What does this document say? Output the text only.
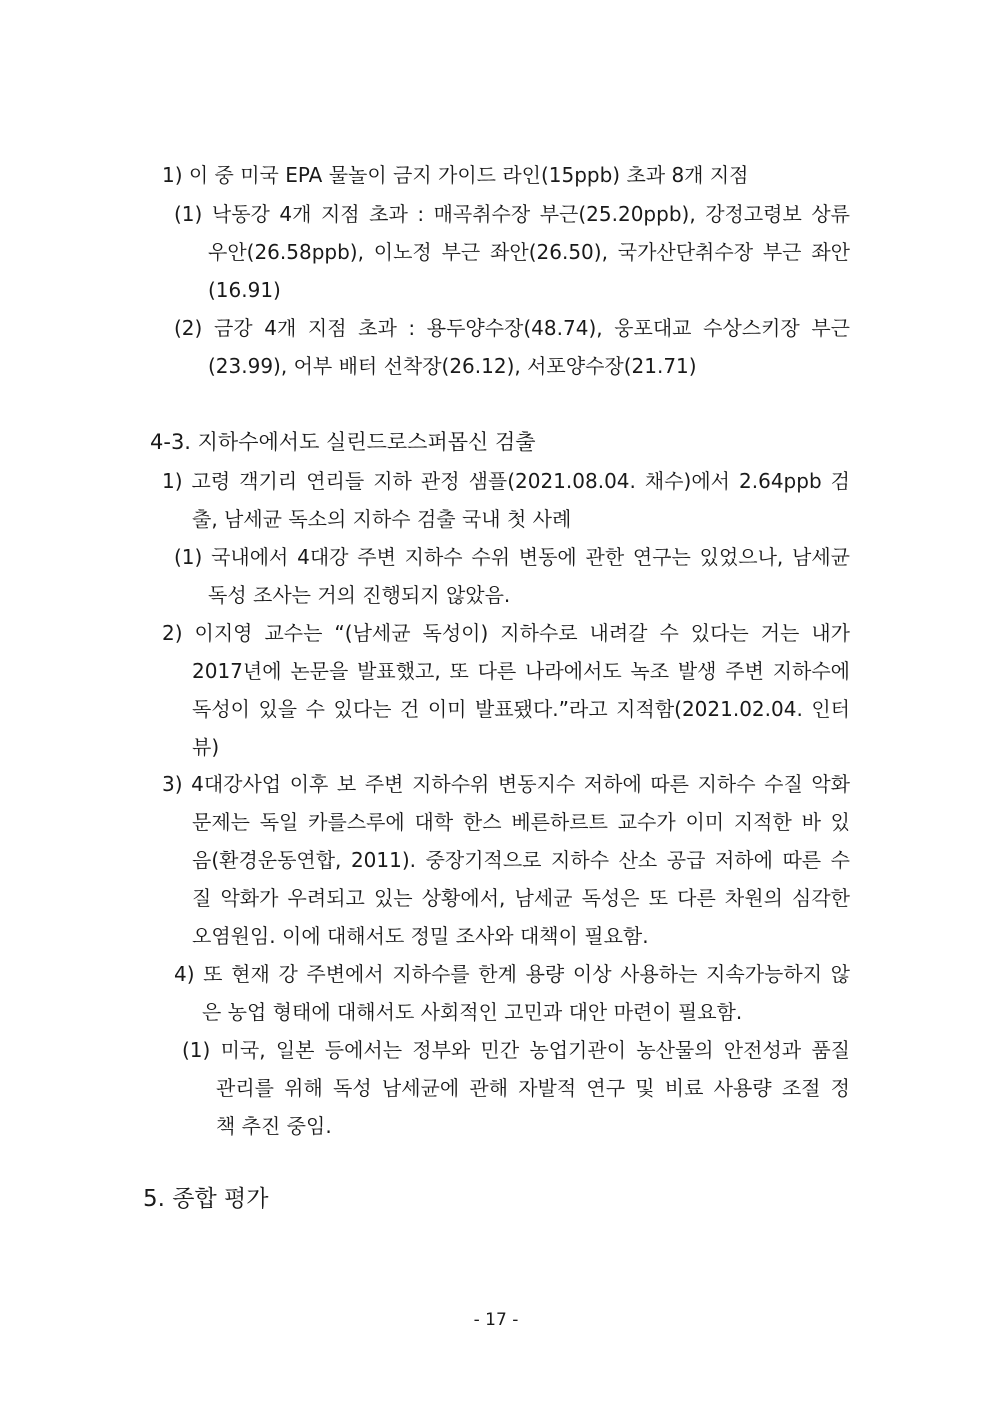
1) 이 중 미국 EPA 물놀이 금지 가이드 라인(15ppb) 초과 8개 지점
(1) 낙동강 4개 지점 초과 : 매곡취수장 부근(25.20ppb), 강정고령보 상류
우안(26.58ppb), 이노정 부근 좌안(26.50), 국가산단취수장 부근 좌안
(16.91)
(2) 금강 4개 지점 초과 : 용두양수장(48.74), 웅포대교 수상스키장 부근
(23.99), 어부 배터 선착장(26.12), 서포양수장(21.71)
4-3. 지하수에서도 실린드로스퍼몹신 검출
1) 고령 객기리 연리들 지하 관정 샘플(2021.08.04. 채수)에서 2.64ppb 검
출, 남세균 독소의 지하수 검출 국내 첫 사례
(1) 국내에서 4대강 주변 지하수 수위 변동에 관한 연구는 있었으나, 남세균
독성 조사는 거의 진행되지 않았음.
2) 이지영 교수는 “(남세균 독성이) 지하수로 내려갈 수 있다는 거는 내가
2017년에 논문을 발표했고, 또 다른 나라에서도 녹조 발생 주변 지하수에
독성이 있을 수 있다는 건 이미 발표됐다.”라고 지적함(2021.02.04. 인터
뷰)
3) 4대강사업 이후 보 주변 지하수위 변동지수 저하에 따른 지하수 수질 악화
문제는 독일 카를스루에 대학 한스 베른하르트 교수가 이미 지적한 바 있
음(환경운동연합, 2011). 중장기적으로 지하수 산소 공급 저하에 따른 수
질 악화가 우려되고 있는 상황에서, 남세균 독성은 또 다른 차원의 심각한
오염원임. 이에 대해서도 정밀 조사와 대책이 필요함.
4) 또 현재 강 주변에서 지하수를 한계 용량 이상 사용하는 지속가능하지 않
은 농업 형태에 대해서도 사회적인 고민과 대안 마련이 필요함.
(1) 미국, 일본 등에서는 정부와 민간 농업기관이 농산물의 안전성과 품질
관리를 위해 독성 남세균에 관해 자발적 연구 및 비료 사용량 조절 정
책 추진 중임.
5. 종합 평가
- 17 -
